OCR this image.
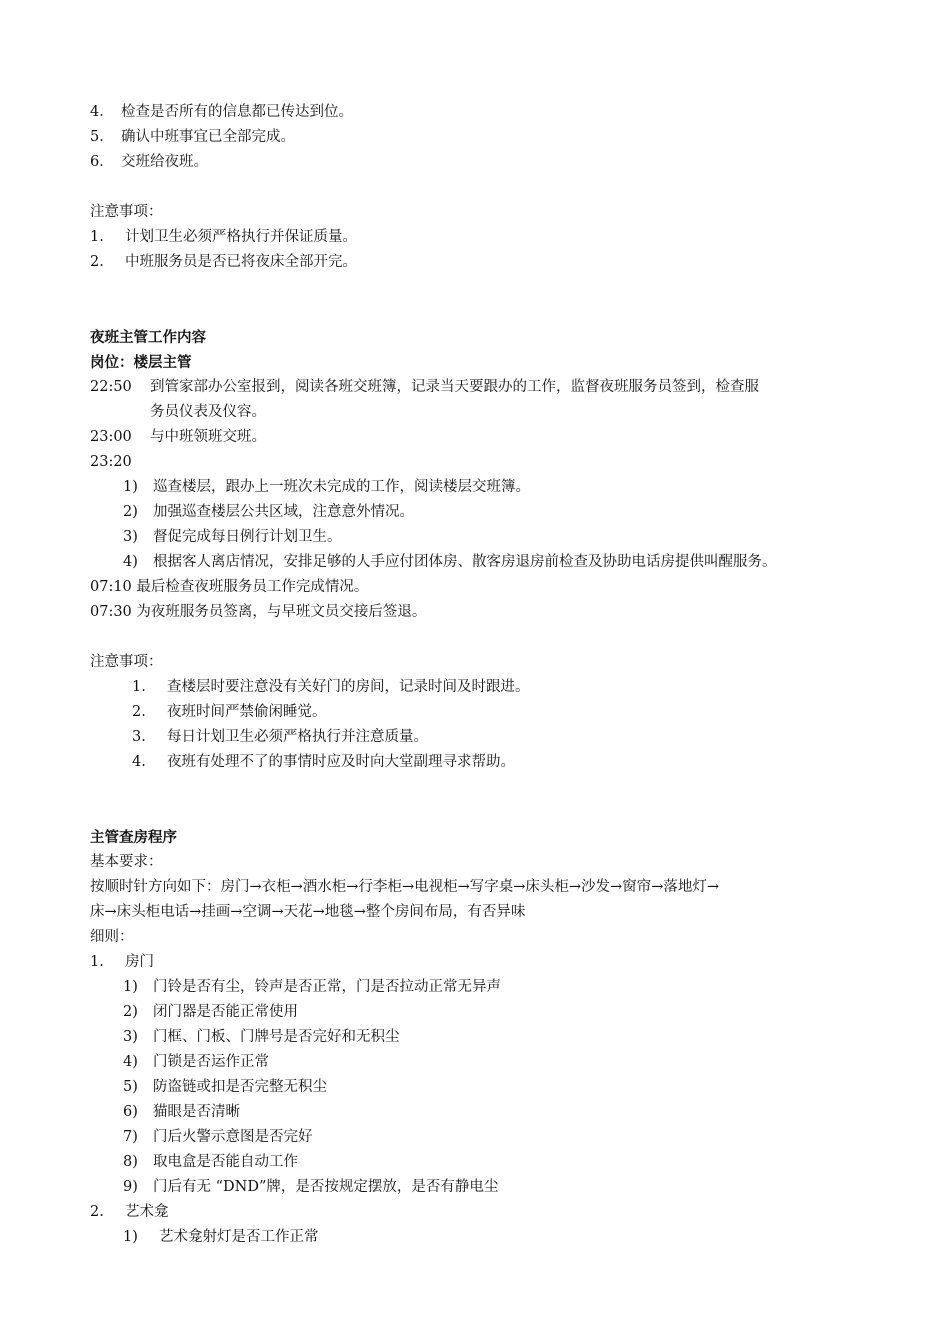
4． 检查是否所有的信息都已传达到位。
5． 确认中班事宜已全部完成。
6． 交班给夜班。
注意事项：
1. 计划卫生必须严格执行并保证质量。
2. 中班服务员是否已将夜床全部开完。
夜班主管工作内容
岗位：楼层主管
22:50 到管家部办公室报到，阅读各班交班簿，记录当天要跟办的工作，监督夜班服务员签到，检查服
务员仪表及仪容。
23:00 与中班领班交班。
23:20
1) 巡查楼层，跟办上一班次未完成的工作，阅读楼层交班簿。
2) 加强巡查楼层公共区域，注意意外情况。
3) 督促完成每日例行计划卫生。
4) 根据客人离店情况，安排足够的人手应付团体房、散客房退房前检查及协助电话房提供叫醒服务。
07:10 最后检查夜班服务员工作完成情况。
07:30 为夜班服务员签离，与早班文员交接后签退。
注意事项：
1. 查楼层时要注意没有关好门的房间，记录时间及时跟进。
2. 夜班时间严禁偷闲睡觉。
3. 每日计划卫生必须严格执行并注意质量。
4. 夜班有处理不了的事情时应及时向大堂副理寻求帮助。
主管查房程序
基本要求：
按顺时针方向如下：房门→衣柜→酒水柜→行李柜→电视柜→写字桌→床头柜→沙发→窗帘→落地灯→
床→床头柜电话→挂画→空调→天花→地毯→整个房间布局，有否异味
细则：
1. 房门
1) 门铃是否有尘，铃声是否正常，门是否拉动正常无异声
2) 闭门器是否能正常使用
3) 门框、门板、门牌号是否完好和无积尘
4) 门锁是否运作正常
5) 防盗链或扣是否完整无积尘
6) 猫眼是否清晰
7) 门后火警示意图是否完好
8) 取电盒是否能自动工作
9) 门后有无 “DND”牌，是否按规定摆放，是否有静电尘
2. 艺术龛
1) 艺术龛射灯是否工作正常
